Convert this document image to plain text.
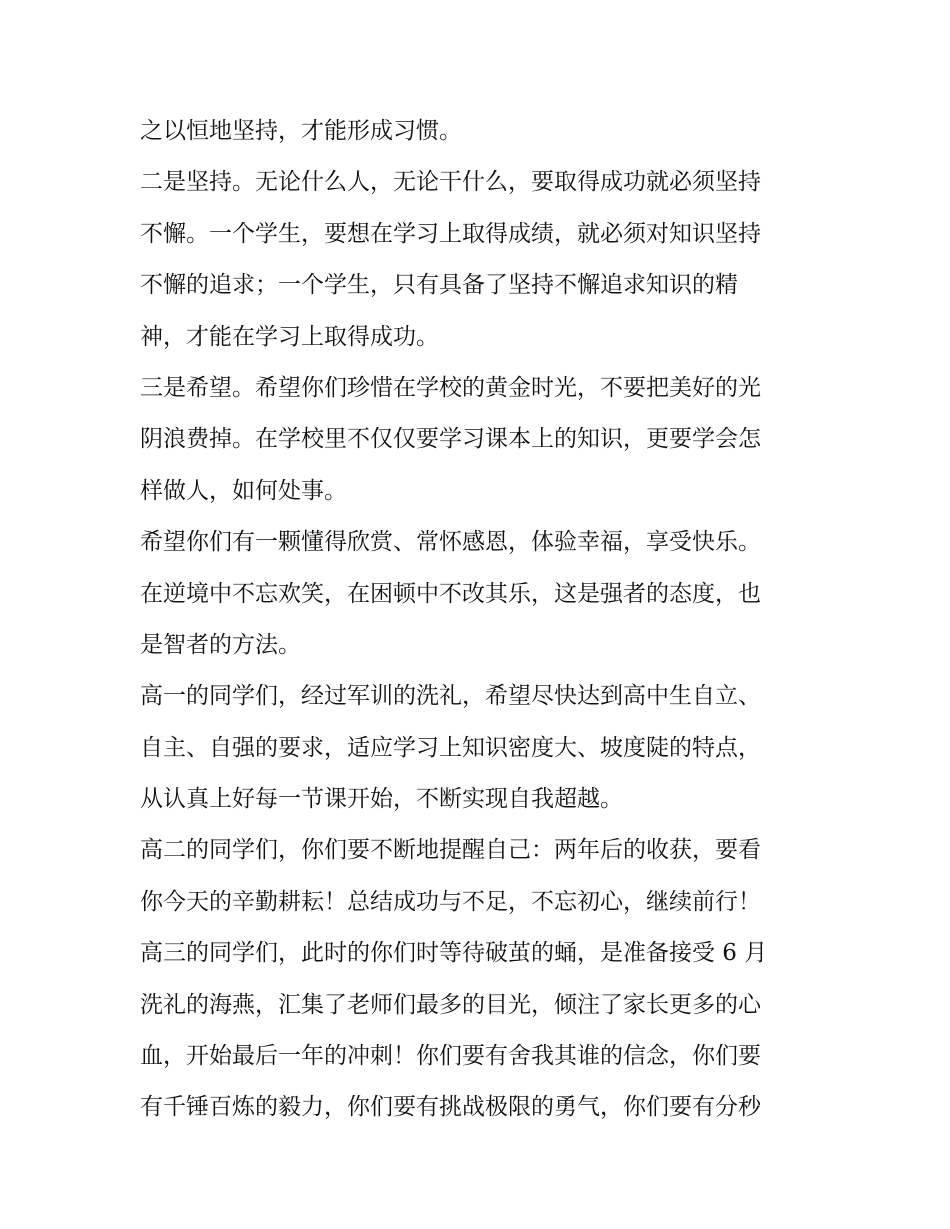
之以恒地坚持，才能形成习惯。
二是坚持。无论什么人，无论干什么，要取得成功就必须坚持
不懈。一个学生，要想在学习上取得成绩，就必须对知识坚持
不懈的追求；一个学生，只有具备了坚持不懈追求知识的精
神，才能在学习上取得成功。
三是希望。希望你们珍惜在学校的黄金时光，不要把美好的光
阴浪费掉。在学校里不仅仅要学习课本上的知识，更要学会怎
样做人，如何处事。
希望你们有一颗懂得欣赏、常怀感恩，体验幸福，享受快乐。
在逆境中不忘欢笑，在困顿中不改其乐，这是强者的态度，也
是智者的方法。
高一的同学们，经过军训的洗礼，希望尽快达到高中生自立、
自主、自强的要求，适应学习上知识密度大、坡度陡的特点，
从认真上好每一节课开始，不断实现自我超越。
高二的同学们，你们要不断地提醒自己：两年后的收获，要看
你今天的辛勤耕耘！总结成功与不足，不忘初心，继续前行！
高三的同学们，此时的你们时等待破茧的蛹，是准备接受 6 月
洗礼的海燕，汇集了老师们最多的目光，倾注了家长更多的心
血，开始最后一年的冲刺！你们要有舍我其谁的信念，你们要
有千锤百炼的毅力，你们要有挑战极限的勇气，你们要有分秒
